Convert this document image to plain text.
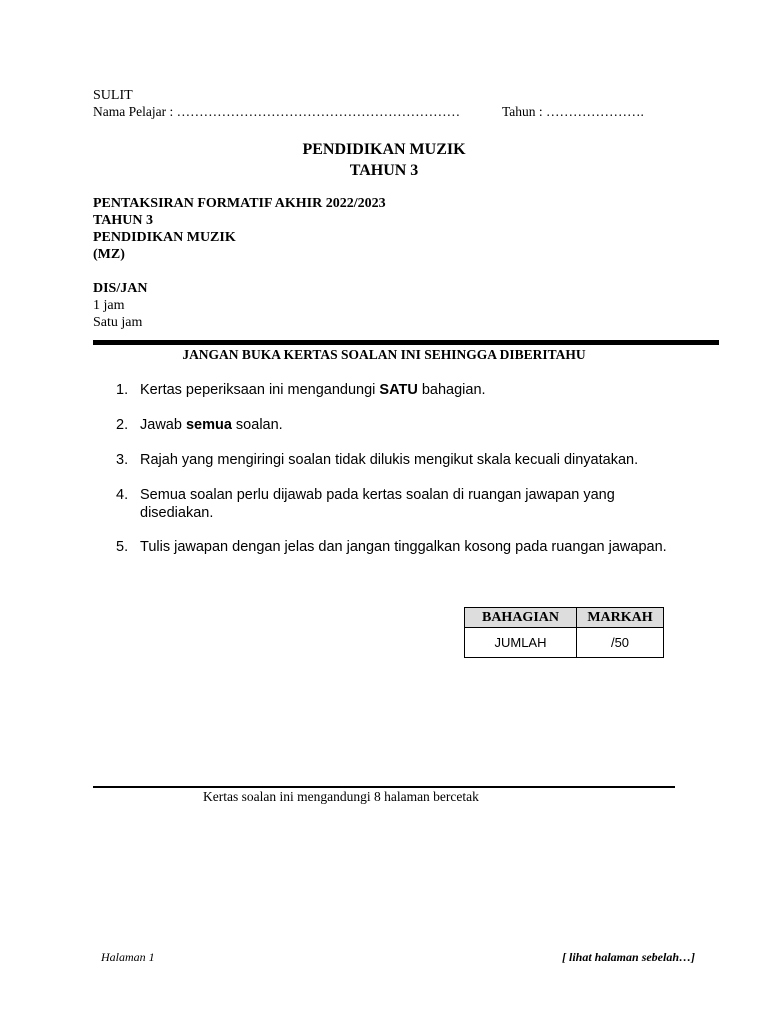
SULIT
Nama Pelajar : ………………………………………………………	Tahun : ………………….
PENDIDIKAN MUZIK
TAHUN 3
PENTAKSIRAN FORMATIF AKHIR 2022/2023
TAHUN 3
PENDIDIKAN MUZIK
(MZ)
DIS/JAN
1 jam
Satu jam
JANGAN BUKA KERTAS SOALAN INI SEHINGGA DIBERITAHU
1. Kertas peperiksaan ini mengandungi SATU bahagian.
2. Jawab semua soalan.
3. Rajah yang mengiringi soalan tidak dilukis mengikut skala kecuali dinyatakan.
4. Semua soalan perlu dijawab pada kertas soalan di ruangan jawapan yang disediakan.
5. Tulis jawapan dengan jelas dan jangan tinggalkan kosong pada ruangan jawapan.
BAHAGIAN	MARKAH
JUMLAH	/50
Kertas soalan ini mengandungi 8 halaman bercetak
Halaman 1	[ lihat halaman sebelah…]
